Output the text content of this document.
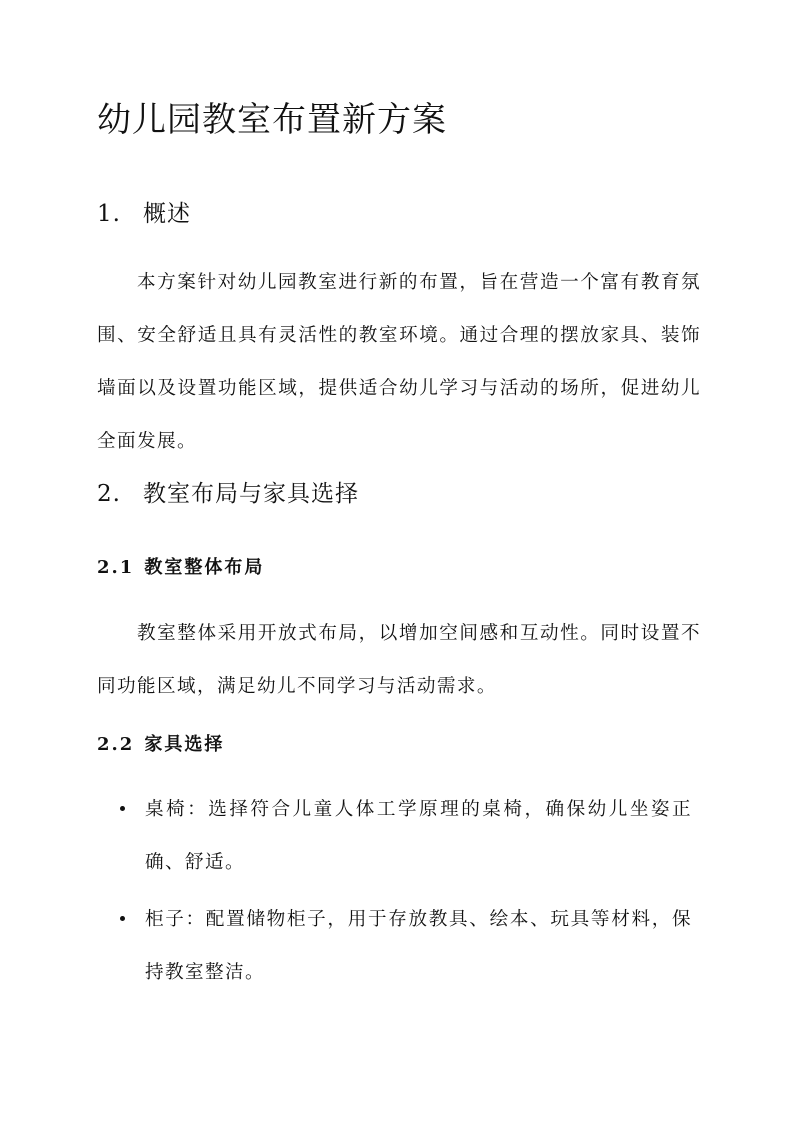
幼儿园教室布置新方案
1. 概述

本方案针对幼儿园教室进行新的布置，旨在营造一个富有教育氛围、安全舒适且具有灵活性的教室环境。通过合理的摆放家具、装饰墙面以及设置功能区域，提供适合幼儿学习与活动的场所，促进幼儿全面发展。

2. 教室布局与家具选择
2.1 教室整体布局

教室整体采用开放式布局，以增加空间感和互动性。同时设置不同功能区域，满足幼儿不同学习与活动需求。

2.2 家具选择
桌椅：选择符合儿童人体工学原理的桌椅，确保幼儿坐姿正确、舒适。
柜子：配置储物柜子，用于存放教具、绘本、玩具等材料，保持教室整洁。
